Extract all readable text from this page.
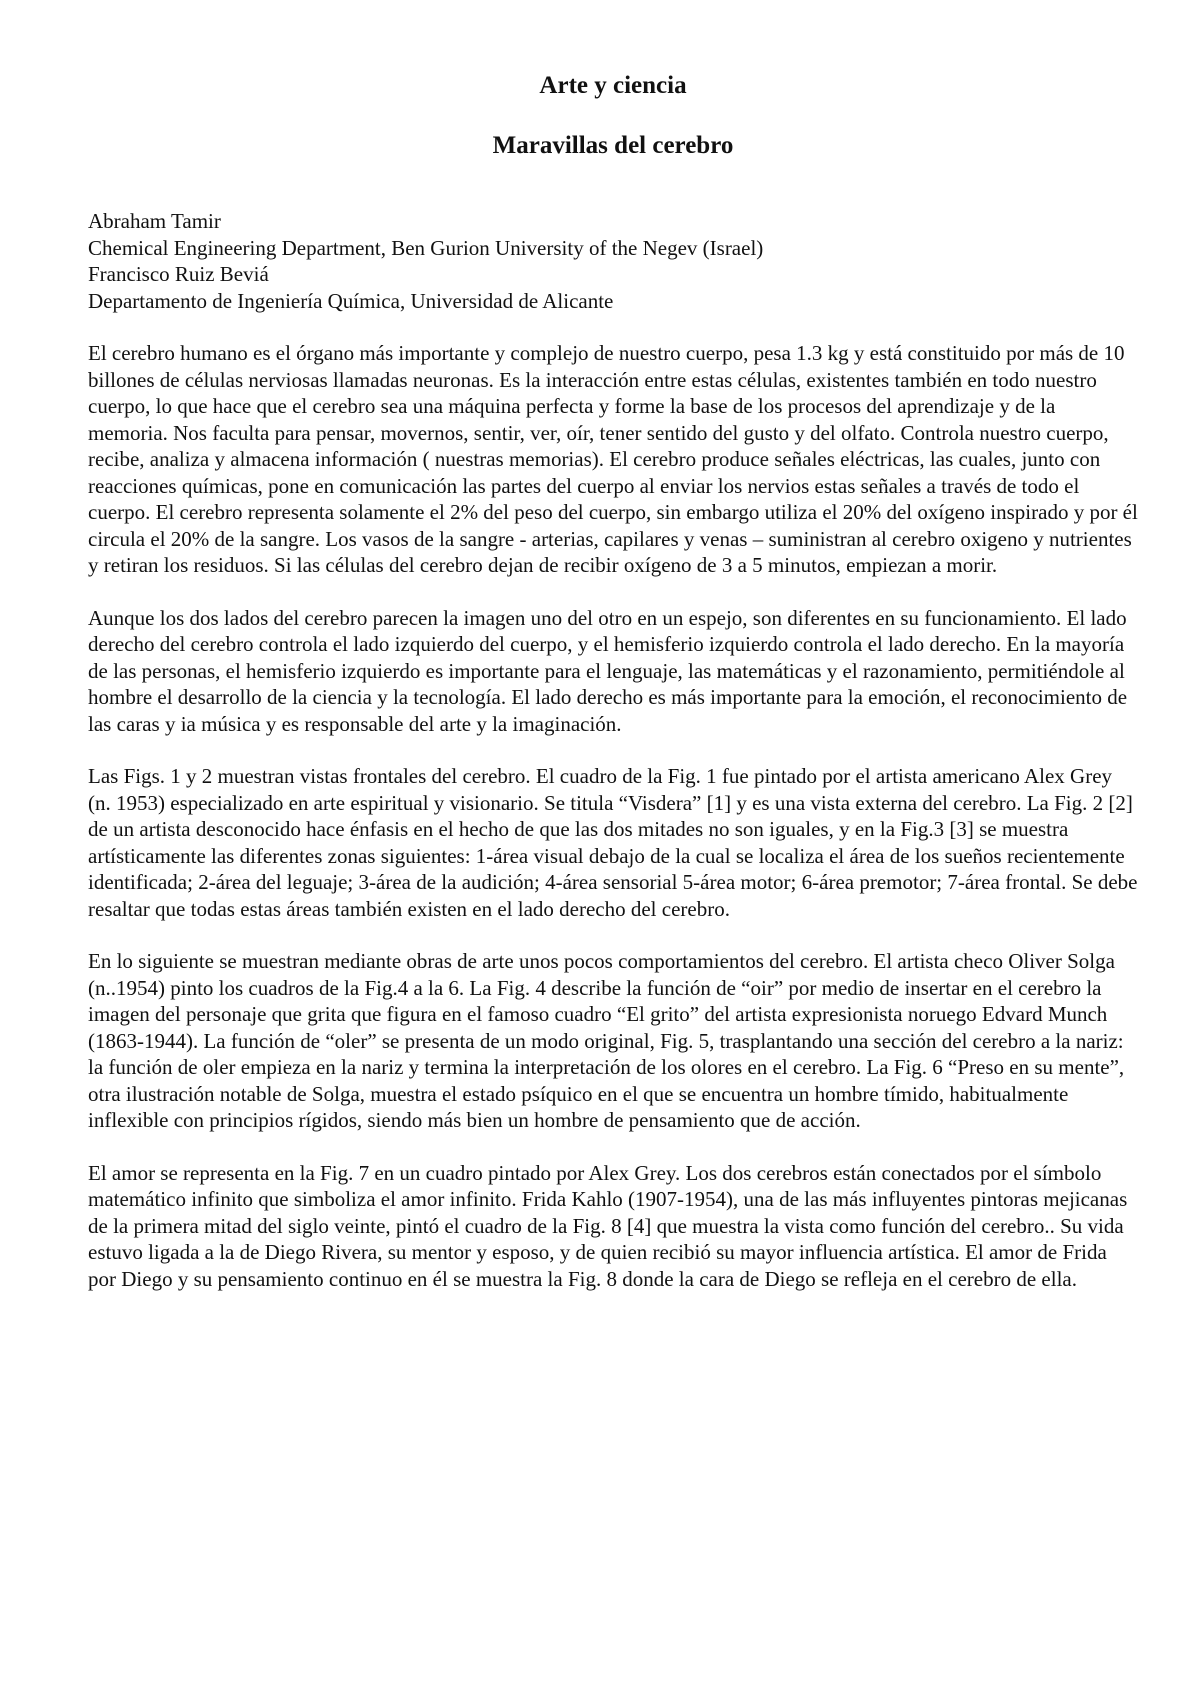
Arte y ciencia
Maravillas del cerebro
Abraham Tamir
Chemical Engineering Department, Ben Gurion University of the Negev (Israel)
Francisco Ruiz Beviá
Departamento de Ingeniería Química, Universidad de Alicante

El cerebro humano es el órgano más importante y complejo de nuestro cuerpo, pesa 1.3 kg y está constituido por más de 10 billones de células nerviosas llamadas neuronas. Es la interacción entre estas células, existentes también en todo nuestro cuerpo, lo que hace que el cerebro sea una máquina perfecta y forme la base de los procesos del aprendizaje y de la memoria. Nos faculta para pensar, movernos, sentir, ver, oír, tener sentido del gusto y del olfato. Controla nuestro cuerpo, recibe, analiza y almacena información ( nuestras memorias). El cerebro produce señales eléctricas, las cuales, junto con reacciones químicas, pone en comunicación las partes del cuerpo al enviar los nervios estas señales a través de todo el cuerpo. El cerebro representa solamente el 2% del peso del cuerpo, sin embargo utiliza el 20% del oxígeno inspirado y por él circula el 20% de la sangre. Los vasos de la sangre - arterias, capilares y venas – suministran al cerebro oxigeno y nutrientes y retiran los residuos. Si las células del cerebro dejan de recibir oxígeno de 3 a 5 minutos, empiezan a morir.

Aunque los dos lados del cerebro parecen la imagen uno del otro en un espejo, son diferentes en su funcionamiento. El lado derecho del cerebro controla el lado izquierdo del cuerpo, y el hemisferio izquierdo controla el lado derecho. En la mayoría de las personas, el hemisferio izquierdo es importante para el lenguaje, las matemáticas y el razonamiento, permitiéndole al hombre el desarrollo de la ciencia y la tecnología. El lado derecho es más importante para la emoción, el reconocimiento de las caras y ia música y es responsable del arte y la imaginación.

Las Figs. 1 y 2 muestran vistas frontales del cerebro. El cuadro de la Fig. 1 fue pintado por el artista americano Alex Grey (n. 1953) especializado en arte espiritual y visionario. Se titula “Visdera” [1] y es una vista externa del cerebro. La Fig. 2 [2] de un artista desconocido hace énfasis en el hecho de que las dos mitades no son iguales, y en la Fig.3 [3] se muestra artísticamente las diferentes zonas siguientes: 1-área visual debajo de la cual se localiza el área de los sueños recientemente identificada; 2-área del leguaje; 3-área de la audición; 4-área sensorial 5-área motor; 6-área premotor; 7-área frontal. Se debe resaltar que todas estas áreas también existen en el lado derecho del cerebro.

En lo siguiente se muestran mediante obras de arte unos pocos comportamientos del cerebro. El artista checo Oliver Solga (n..1954) pinto los cuadros de la Fig.4 a la 6. La Fig. 4 describe la función de “oir” por medio de insertar en el cerebro la imagen del personaje que grita que figura en el famoso cuadro “El grito” del artista expresionista noruego Edvard Munch (1863-1944). La función de “oler” se presenta de un modo original, Fig. 5, trasplantando una sección del cerebro a la nariz: la función de oler empieza en la nariz y termina la interpretación de los olores en el cerebro. La Fig. 6 “Preso en su mente”, otra ilustración notable de Solga, muestra el estado psíquico en el que se encuentra un hombre tímido, habitualmente inflexible con principios rígidos, siendo más bien un hombre de pensamiento que de acción.

El amor se representa en la Fig. 7 en un cuadro pintado por Alex Grey. Los dos cerebros están conectados por el símbolo matemático infinito que simboliza el amor infinito. Frida Kahlo (1907-1954), una de las más influyentes pintoras mejicanas de la primera mitad del siglo veinte, pintó el cuadro de la Fig. 8 [4] que muestra la vista como función del cerebro.. Su vida estuvo ligada a la de Diego Rivera, su mentor y esposo, y de quien recibió su mayor influencia artística. El amor de Frida por Diego y su pensamiento continuo en él se muestra la Fig. 8 donde la cara de Diego se refleja en el cerebro de ella.
